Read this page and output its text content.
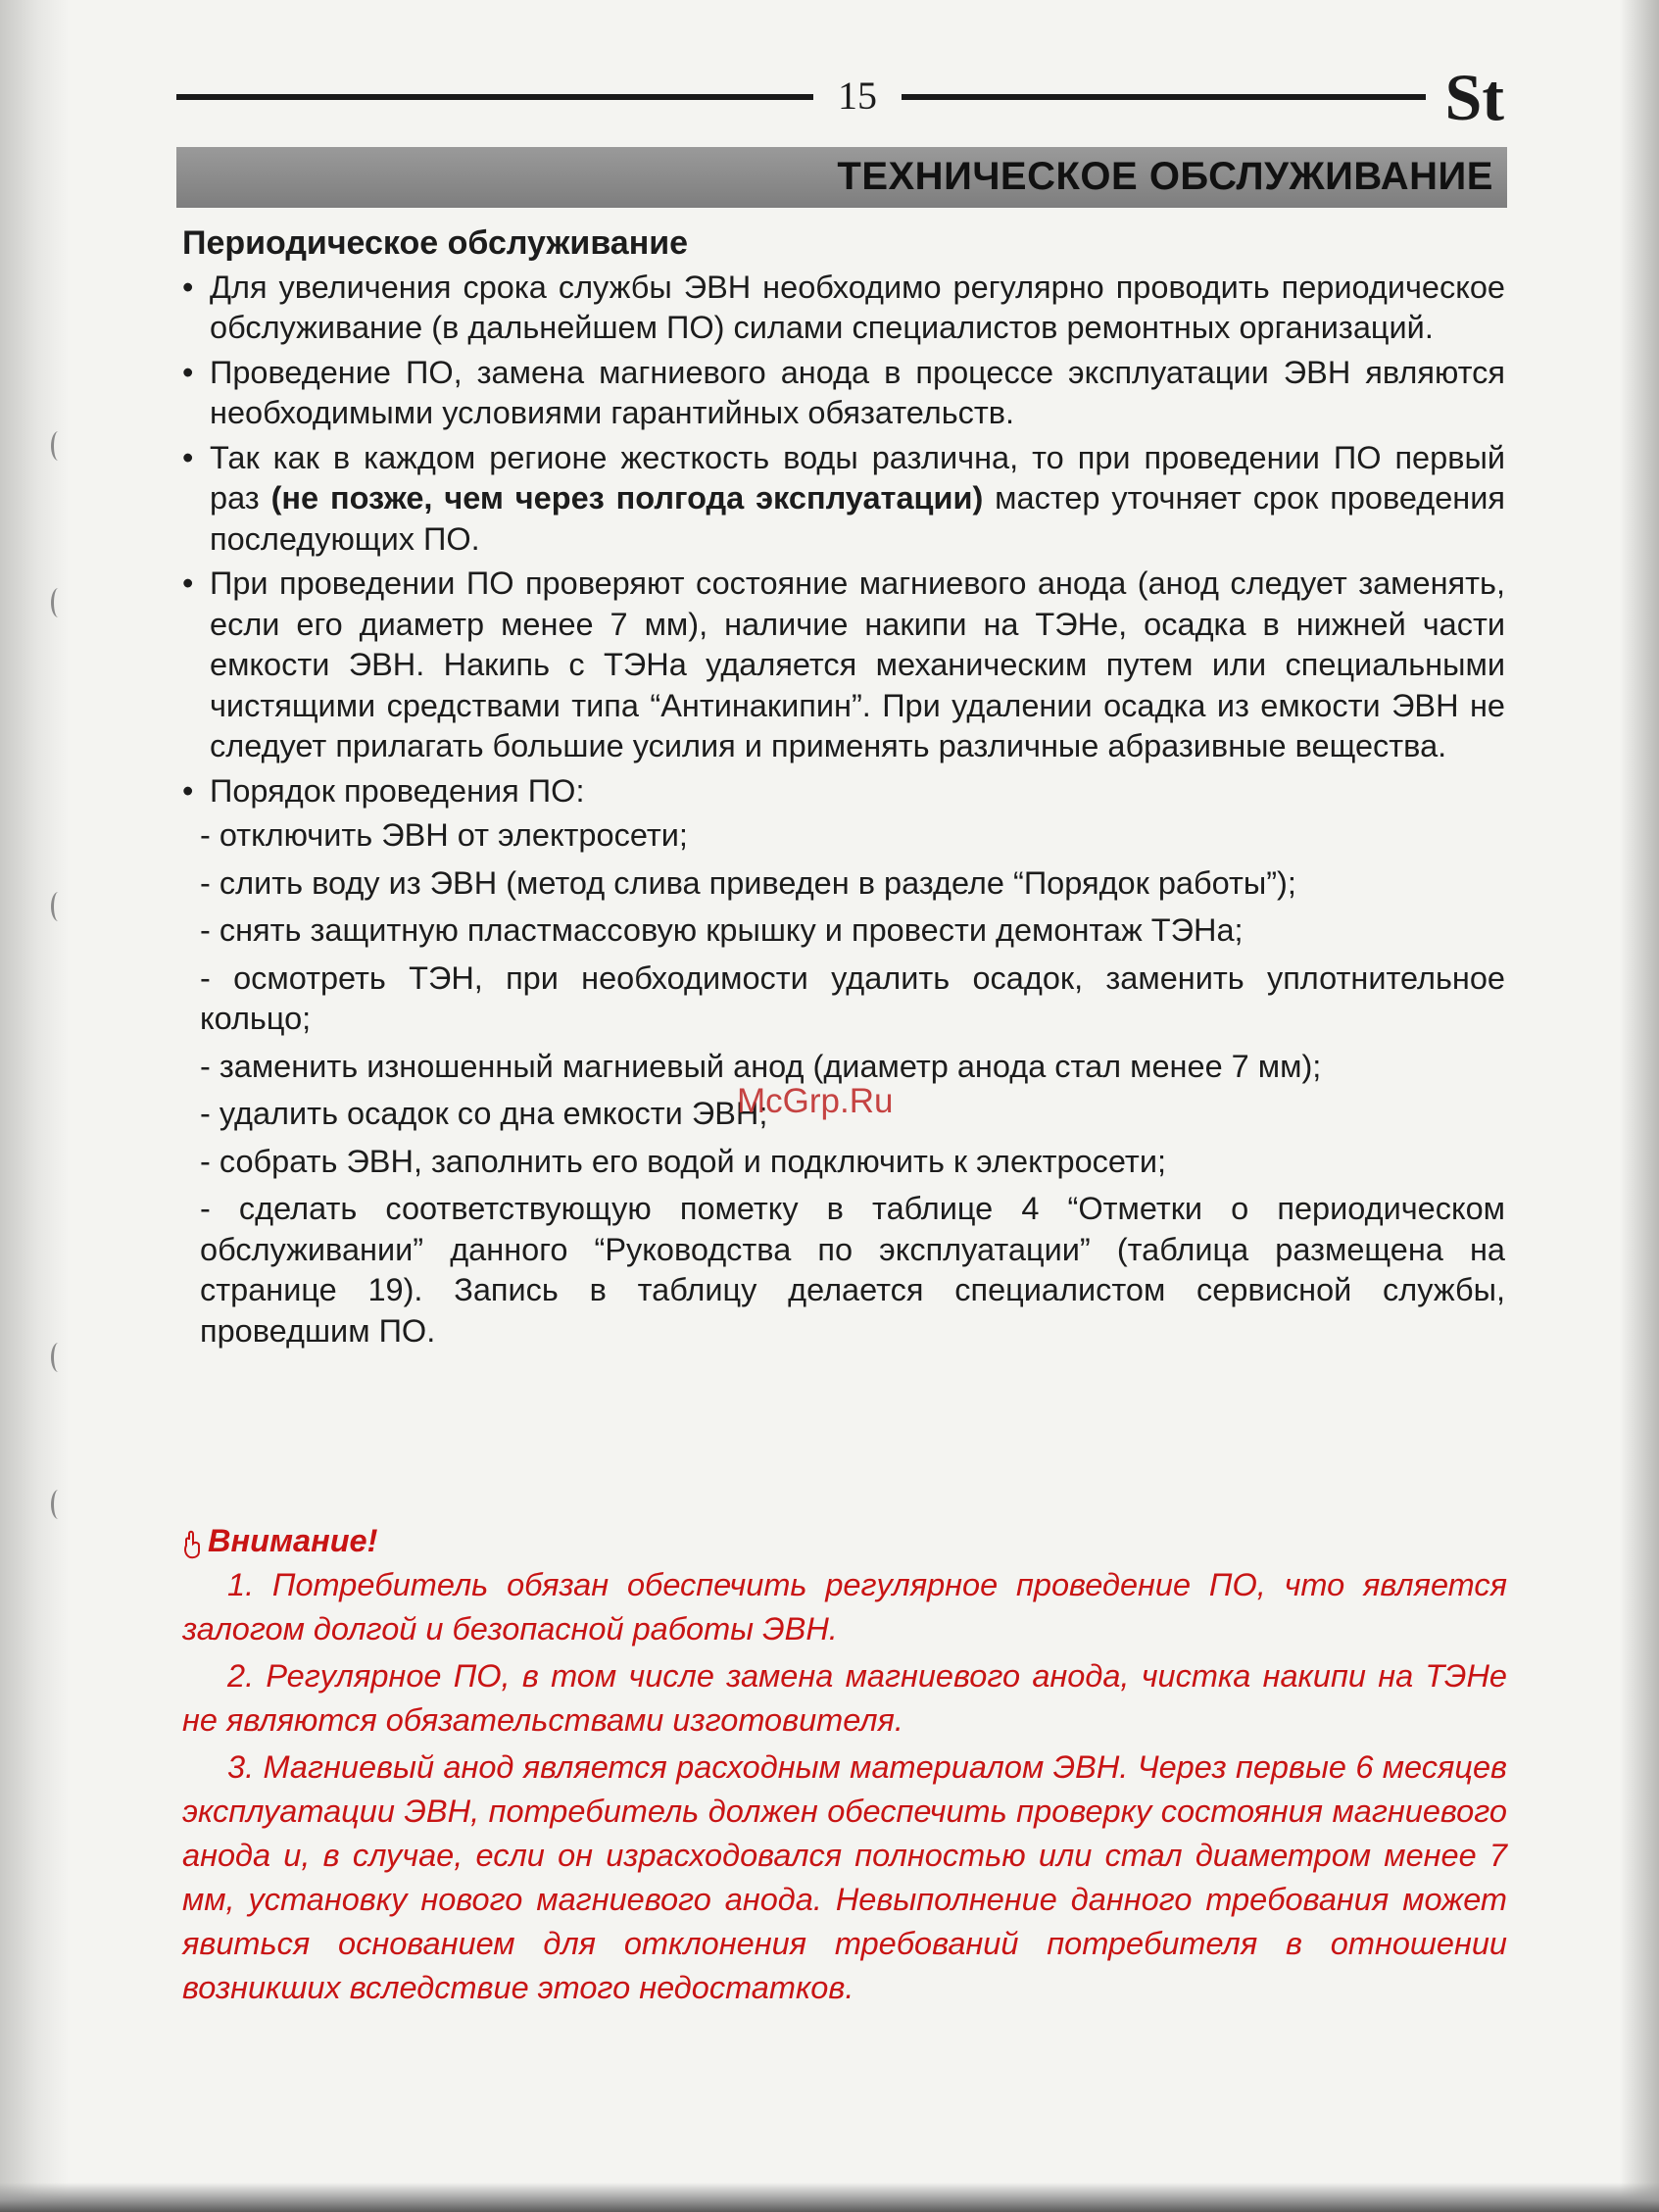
15	St
ТЕХНИЧЕСКОЕ ОБСЛУЖИВАНИЕ
Периодическое обслуживание
• Для увеличения срока службы ЭВН необходимо регулярно проводить периодическое обслуживание (в дальнейшем ПО) силами специалистов ремонтных организаций.
• Проведение ПО, замена магниевого анода в процессе эксплуатации ЭВН являются необходимыми условиями гарантийных обязательств.
• Так как в каждом регионе жесткость воды различна, то при проведении ПО первый раз (не позже, чем через полгода эксплуатации) мастер уточняет срок проведения последующих ПО.
• При проведении ПО проверяют состояние магниевого анода (анод следует заменять, если его диаметр менее 7 мм), наличие накипи на ТЭНе, осадка в нижней части емкости ЭВН. Накипь с ТЭНа удаляется механическим путем или специальными чистящими средствами типа “Антинакипин”. При удалении осадка из емкости ЭВН не следует прилагать большие усилия и применять различные абразивные вещества.
• Порядок проведения ПО:
- отключить ЭВН от электросети;
- слить воду из ЭВН (метод слива приведен в разделе “Порядок работы”);
- снять защитную пластмассовую крышку и провести демонтаж ТЭНа;
- осмотреть ТЭН, при необходимости удалить осадок, заменить уплотнительное кольцо;
- заменить изношенный магниевый анод (диаметр анода стал менее 7 мм);
- удалить осадок со дна емкости ЭВН;
- собрать ЭВН, заполнить его водой и подключить к электросети;
- сделать соответствующую пометку в таблице 4 “Отметки о периодическом обслуживании” данного “Руководства по эксплуатации” (таблица размещена на странице 19). Запись в таблицу делается специалистом сервисной службы, проведшим ПО.
McGrp.Ru
Внимание!
1. Потребитель обязан обеспечить регулярное проведение ПО, что является залогом долгой и безопасной работы ЭВН.
2. Регулярное ПО, в том числе замена магниевого анода, чистка накипи на ТЭНе не являются обязательствами изготовителя.
3. Магниевый анод является расходным материалом ЭВН. Через первые 6 месяцев эксплуатации ЭВН, потребитель должен обеспечить проверку состояния магниевого анода и, в случае, если он израсходовался полностью или стал диаметром менее 7 мм, установку нового магниевого анода. Невыполнение данного требования может явиться основанием для отклонения требований потребителя в отношении возникших вследствие этого недостатков.
